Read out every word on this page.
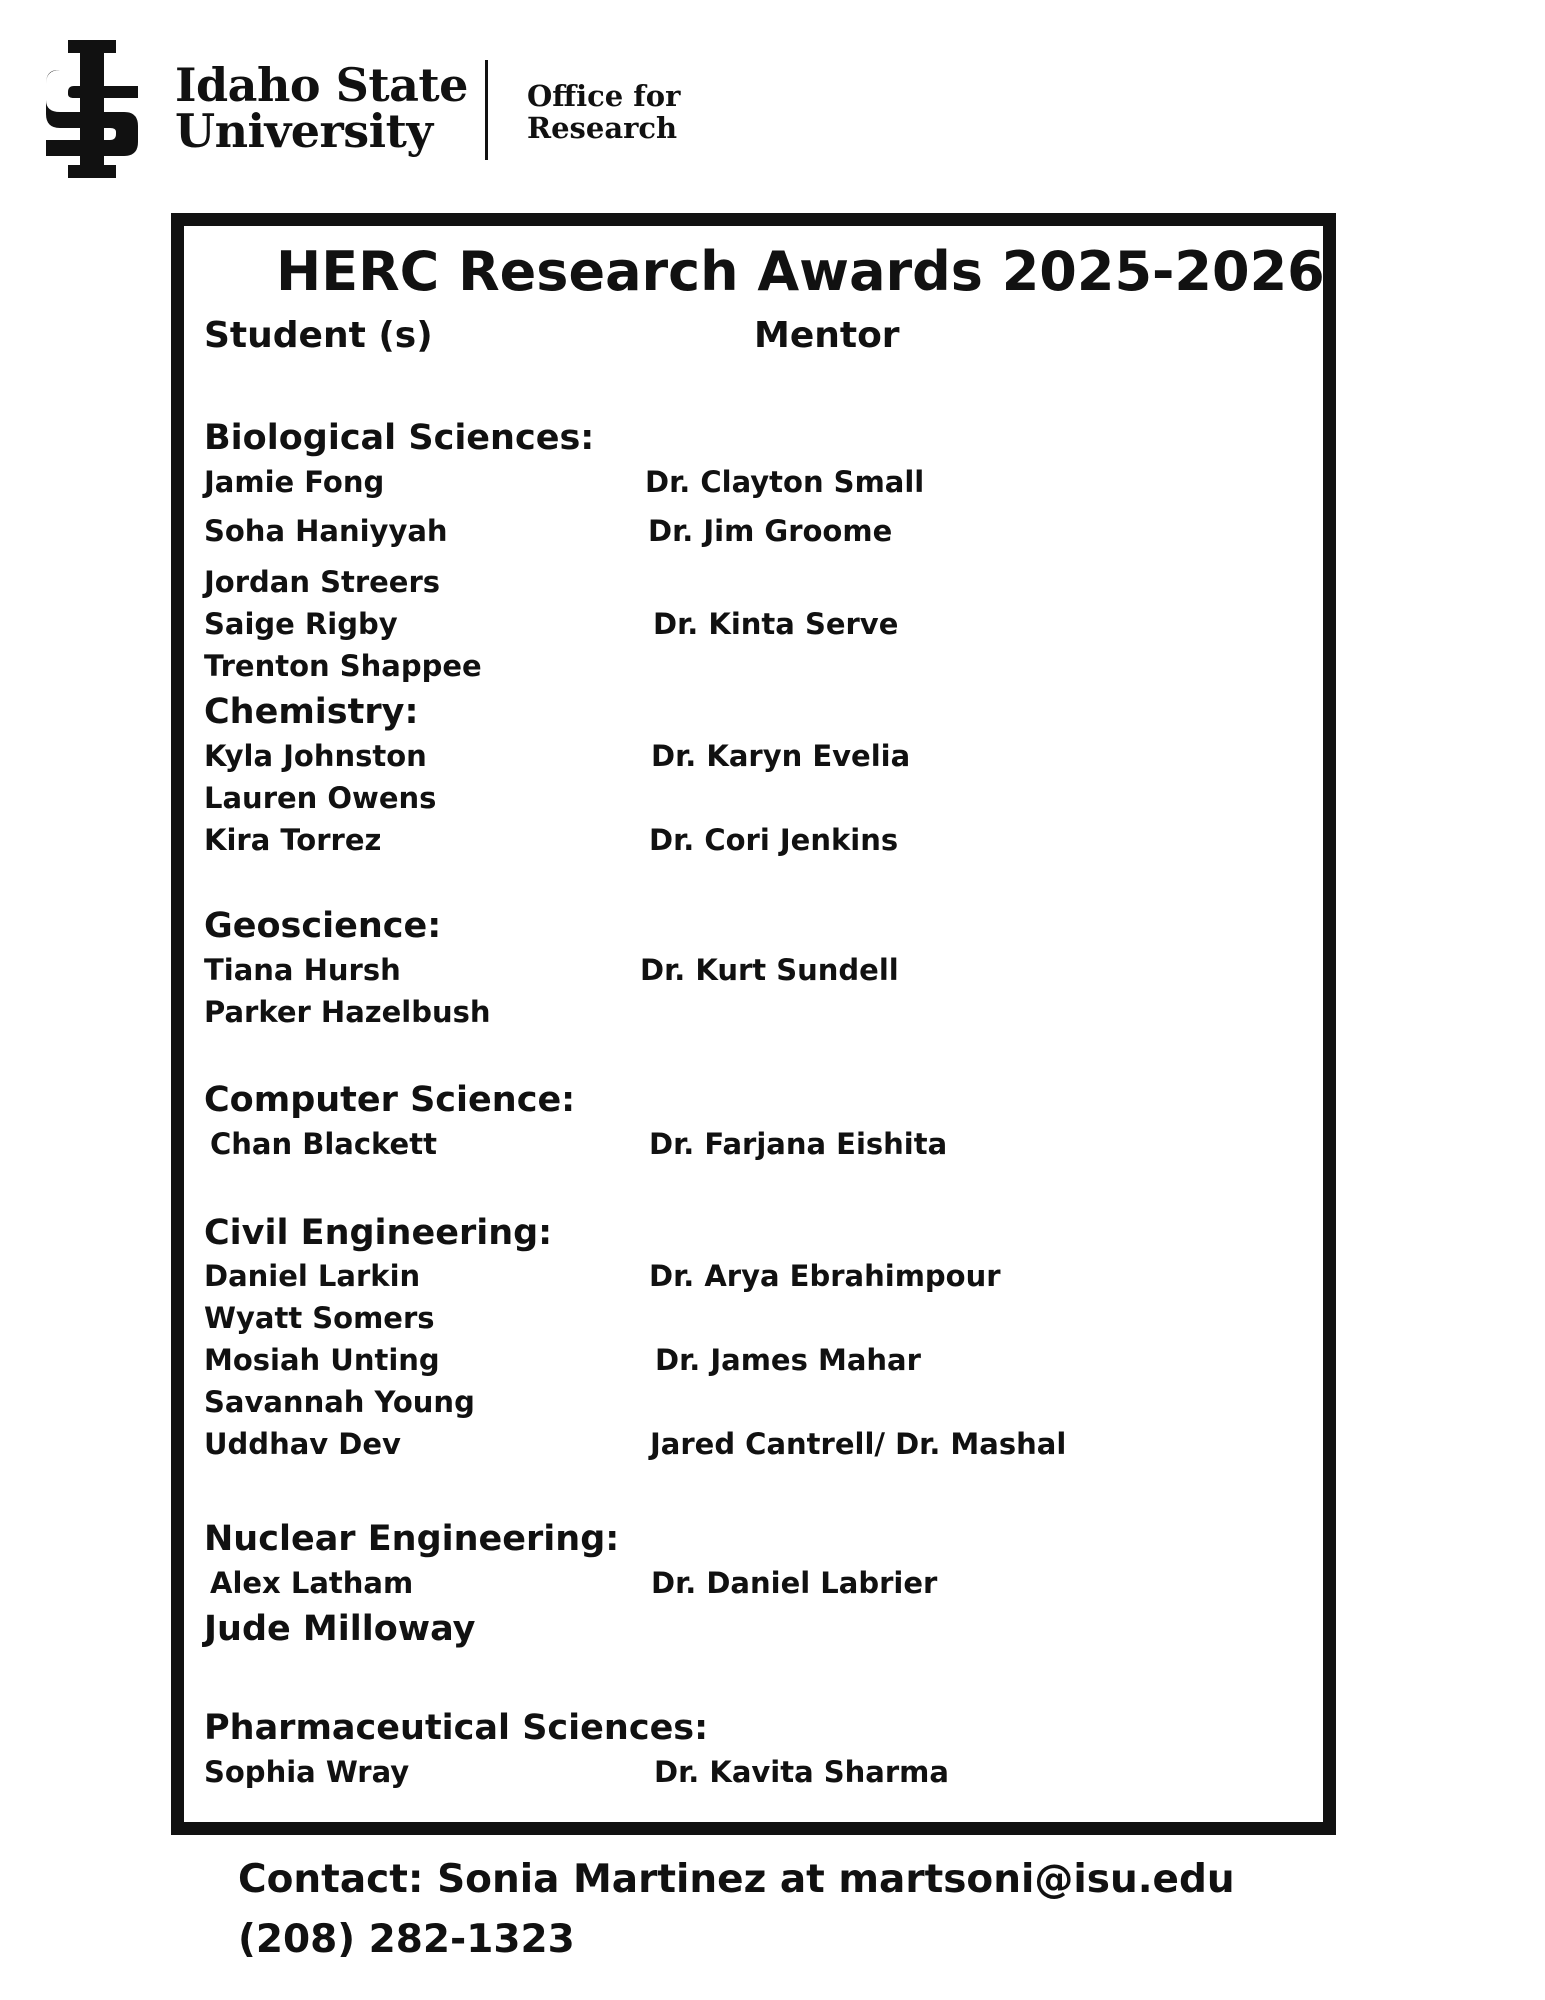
Idaho State
University
Office for
Research
HERC Research Awards 2025-2026
Student (s)	Mentor
Biological Sciences:
Jamie Fong	Dr. Clayton Small
Soha Haniyyah	Dr. Jim Groome
Jordan Streers
Saige Rigby	Dr. Kinta Serve
Trenton Shappee
Chemistry:
Kyla Johnston	Dr. Karyn Evelia
Lauren Owens
Kira Torrez	Dr. Cori Jenkins
Geoscience:
Tiana Hursh	Dr. Kurt Sundell
Parker Hazelbush
Computer Science:
Chan Blackett	Dr. Farjana Eishita
Civil Engineering:
Daniel Larkin	Dr. Arya Ebrahimpour
Wyatt Somers
Mosiah Unting	Dr. James Mahar
Savannah Young
Uddhav Dev	Jared Cantrell/ Dr. Mashal
Nuclear Engineering:
Alex Latham	Dr. Daniel Labrier
Jude Milloway
Pharmaceutical Sciences:
Sophia Wray	Dr. Kavita Sharma
Contact: Sonia Martinez at martsoni@isu.edu
(208) 282-1323
